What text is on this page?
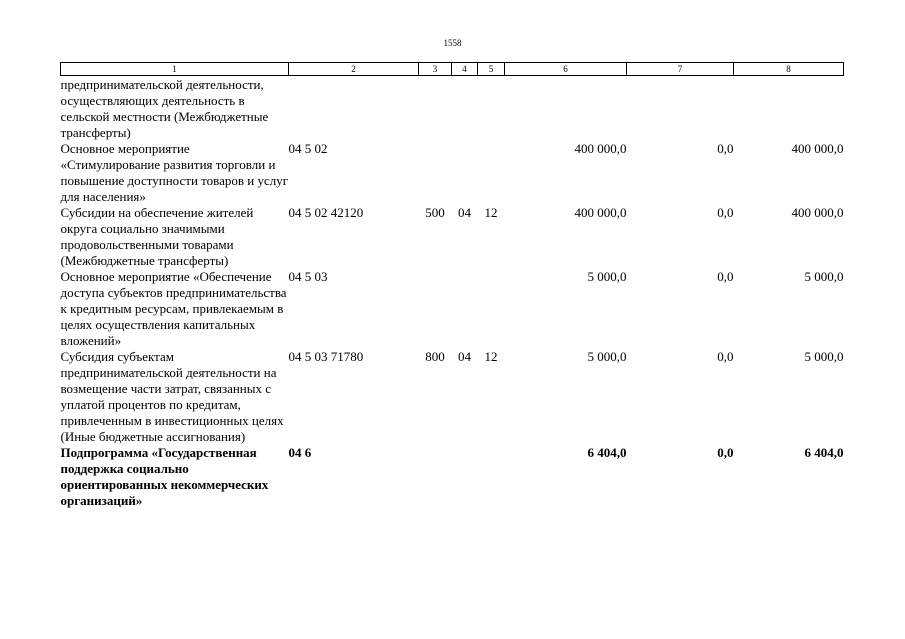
1558
1	2	3	4	5	6	7	8
предпринимательской деятельности, осуществляющих деятельность в сельской местности (Межбюджетные трансферты)							
Основное мероприятие «Стимулирование развития торговли и повышение доступности товаров и услуг для населения»	04 5 02				400 000,0	0,0	400 000,0
Субсидии на обеспечение жителей округа социально значимыми продовольственными товарами (Межбюджетные трансферты)	04 5 02 42120	500	04	12	400 000,0	0,0	400 000,0
Основное мероприятие «Обеспечение доступа субъектов предпринимательства к кредитным ресурсам, привлекаемым в целях осуществления капитальных вложений»	04 5 03				5 000,0	0,0	5 000,0
Субсидия субъектам предпринимательской деятельности на возмещение части затрат, связанных с уплатой процентов по кредитам, привлеченным в инвестиционных целях (Иные бюджетные ассигнования)	04 5 03 71780	800	04	12	5 000,0	0,0	5 000,0
Подпрограмма «Государственная поддержка социально ориентированных некоммерческих организаций»	04 6				6 404,0	0,0	6 404,0
